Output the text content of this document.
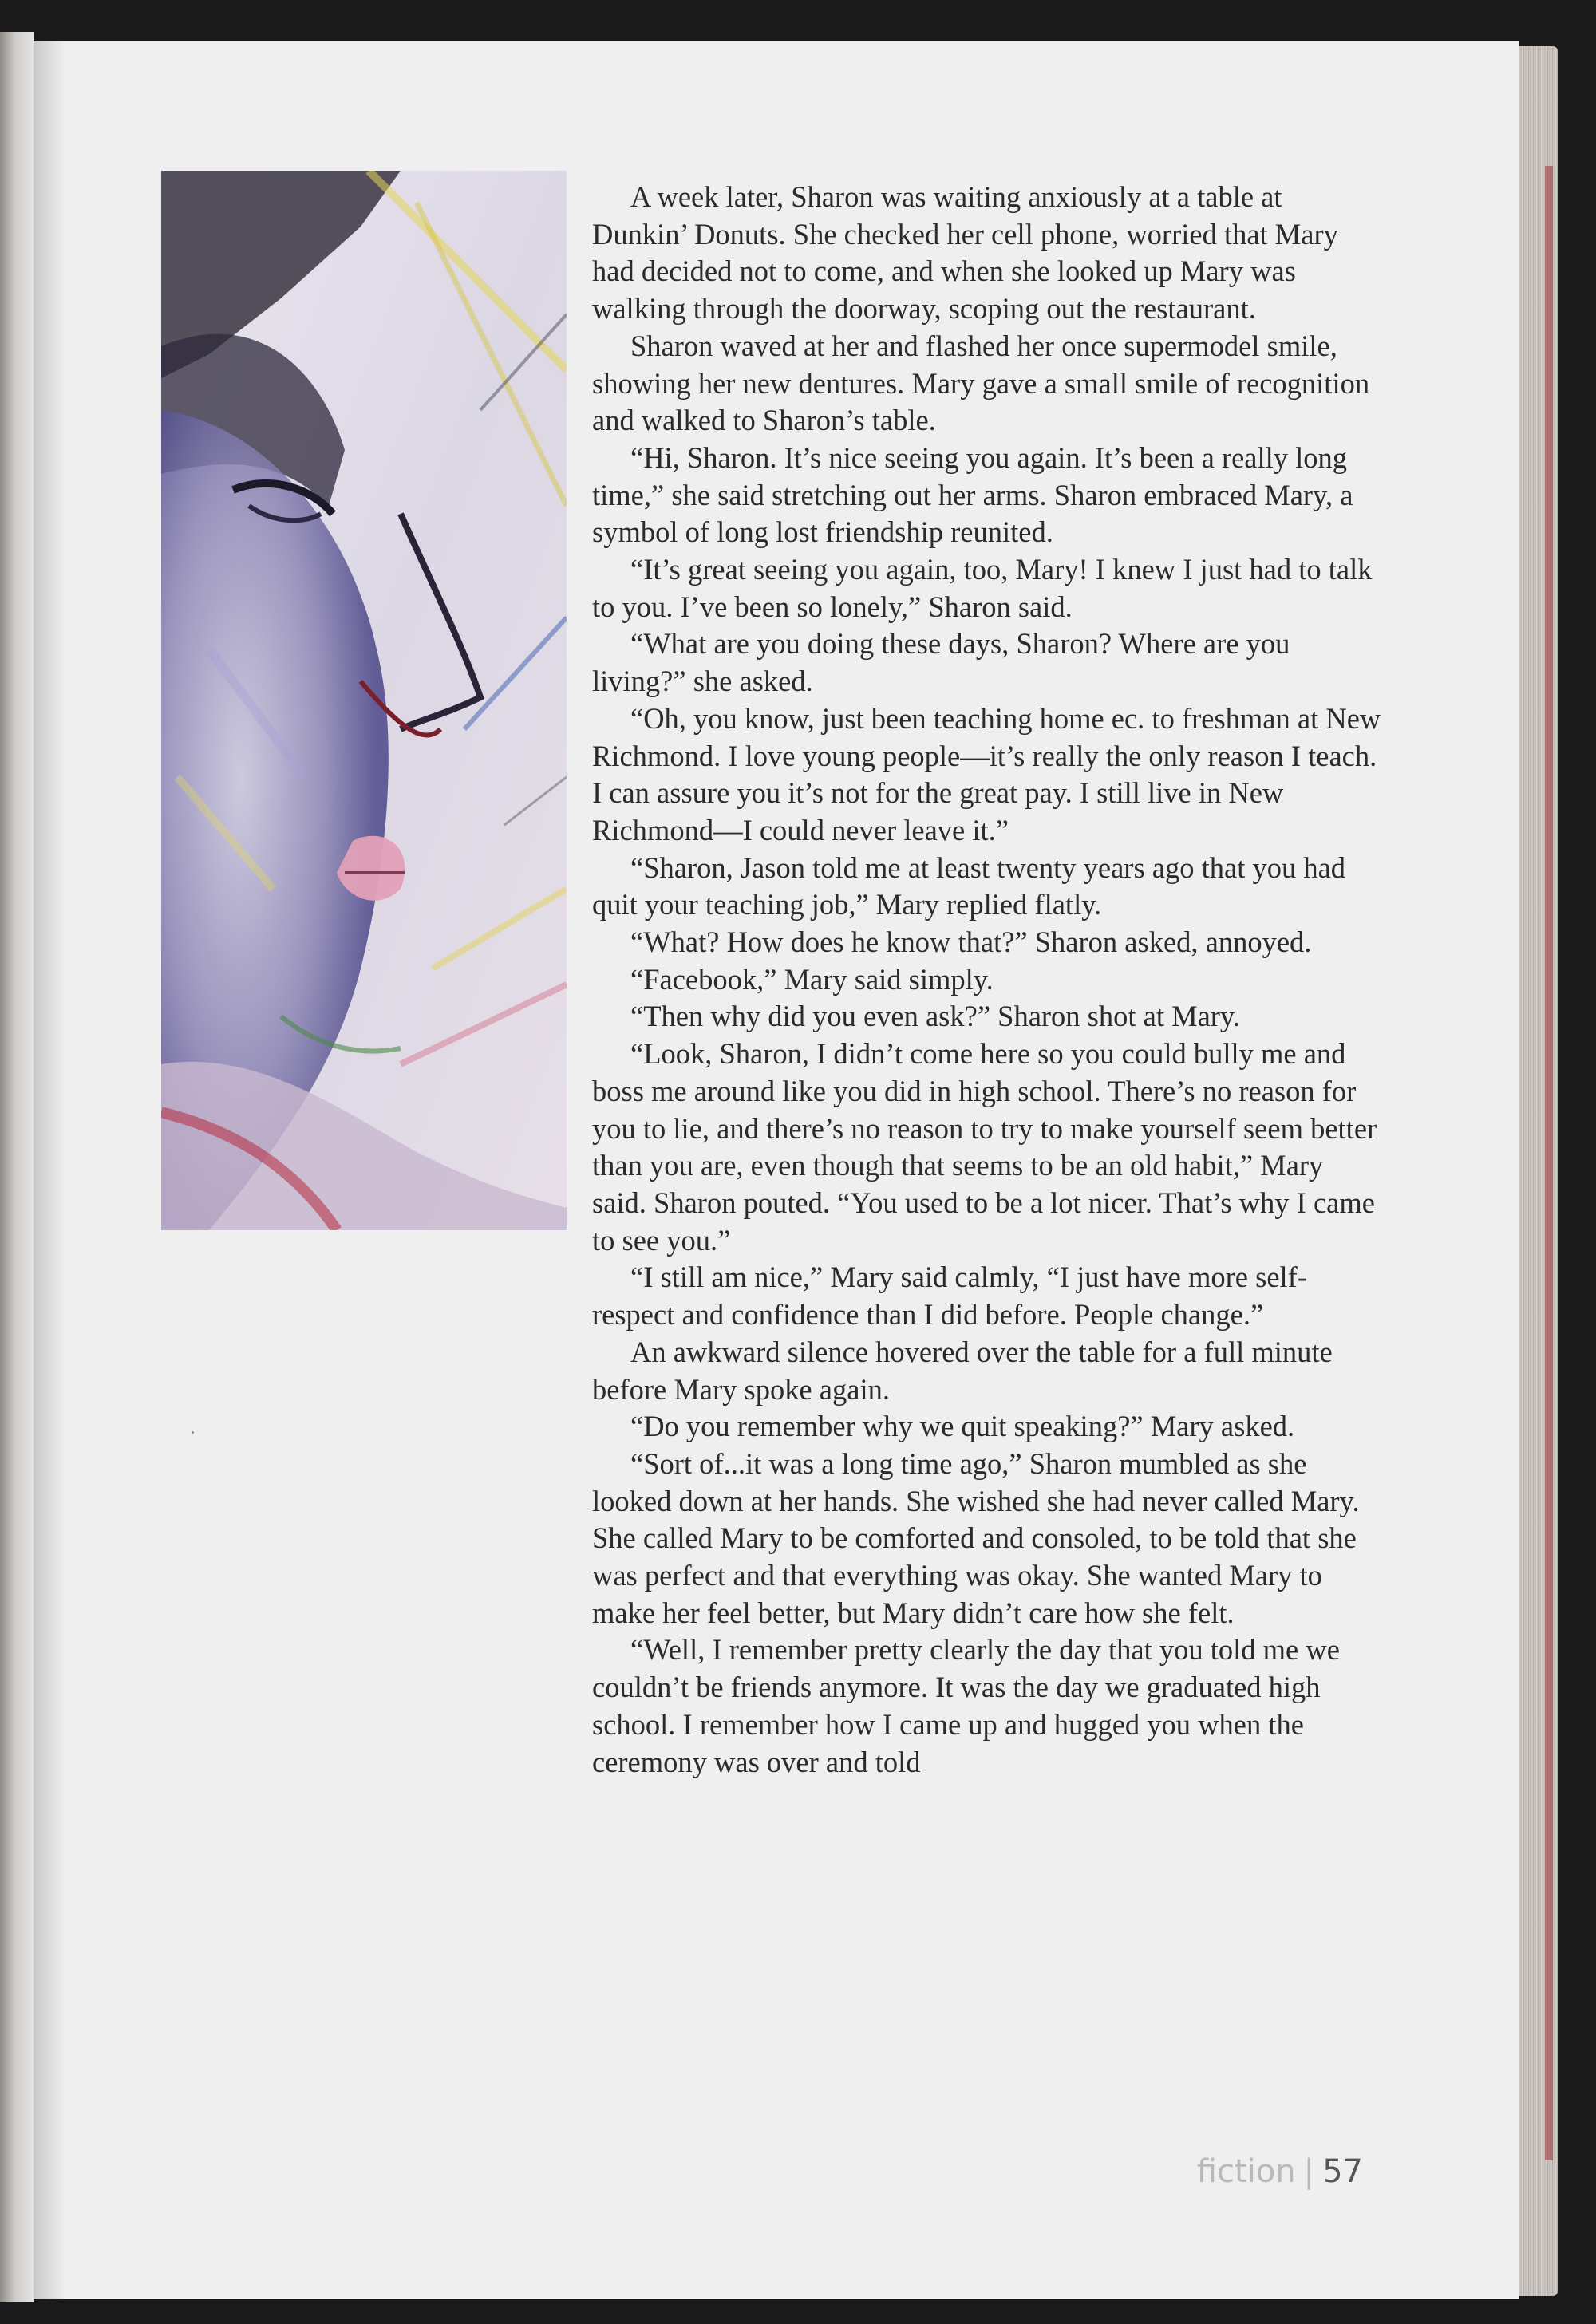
A week later, Sharon was waiting anxiously at a table at Dunkin’ Donuts. She checked her cell phone, worried that Mary had decided not to come, and when she looked up Mary was walking through the doorway, scoping out the restaurant.

Sharon waved at her and flashed her once supermodel smile, showing her new dentures. Mary gave a small smile of recognition and walked to Sharon’s table.

“Hi, Sharon. It’s nice seeing you again. It’s been a really long time,” she said stretching out her arms. Sharon embraced Mary, a symbol of long lost friendship reunited.

“It’s great seeing you again, too, Mary! I knew I just had to talk to you. I’ve been so lonely,” Sharon said.

“What are you doing these days, Sharon? Where are you living?” she asked.

“Oh, you know, just been teaching home ec. to freshman at New Richmond. I love young people—it’s really the only reason I teach. I can assure you it’s not for the great pay. I still live in New Richmond—I could never leave it.”

“Sharon, Jason told me at least twenty years ago that you had quit your teaching job,” Mary replied flatly.

“What? How does he know that?” Sharon asked, annoyed.

“Facebook,” Mary said simply.

“Then why did you even ask?” Sharon shot at Mary.

“Look, Sharon, I didn’t come here so you could bully me and boss me around like you did in high school. There’s no reason for you to lie, and there’s no reason to try to make yourself seem better than you are, even though that seems to be an old habit,” Mary said. Sharon pouted. “You used to be a lot nicer. That’s why I came to see you.”

“I still am nice,” Mary said calmly, “I just have more self-respect and confidence than I did before. People change.”

An awkward silence hovered over the table for a full minute before Mary spoke again.

“Do you remember why we quit speaking?” Mary asked.

“Sort of...it was a long time ago,” Sharon mumbled as she looked down at her hands. She wished she had never called Mary. She called Mary to be comforted and consoled, to be told that she was perfect and that everything was okay. She wanted Mary to make her feel better, but Mary didn’t care how she felt.

“Well, I remember pretty clearly the day that you told me we couldn’t be friends anymore. It was the day we graduated high school. I remember how I came up and hugged you when the ceremony was over and told

fiction | 57
